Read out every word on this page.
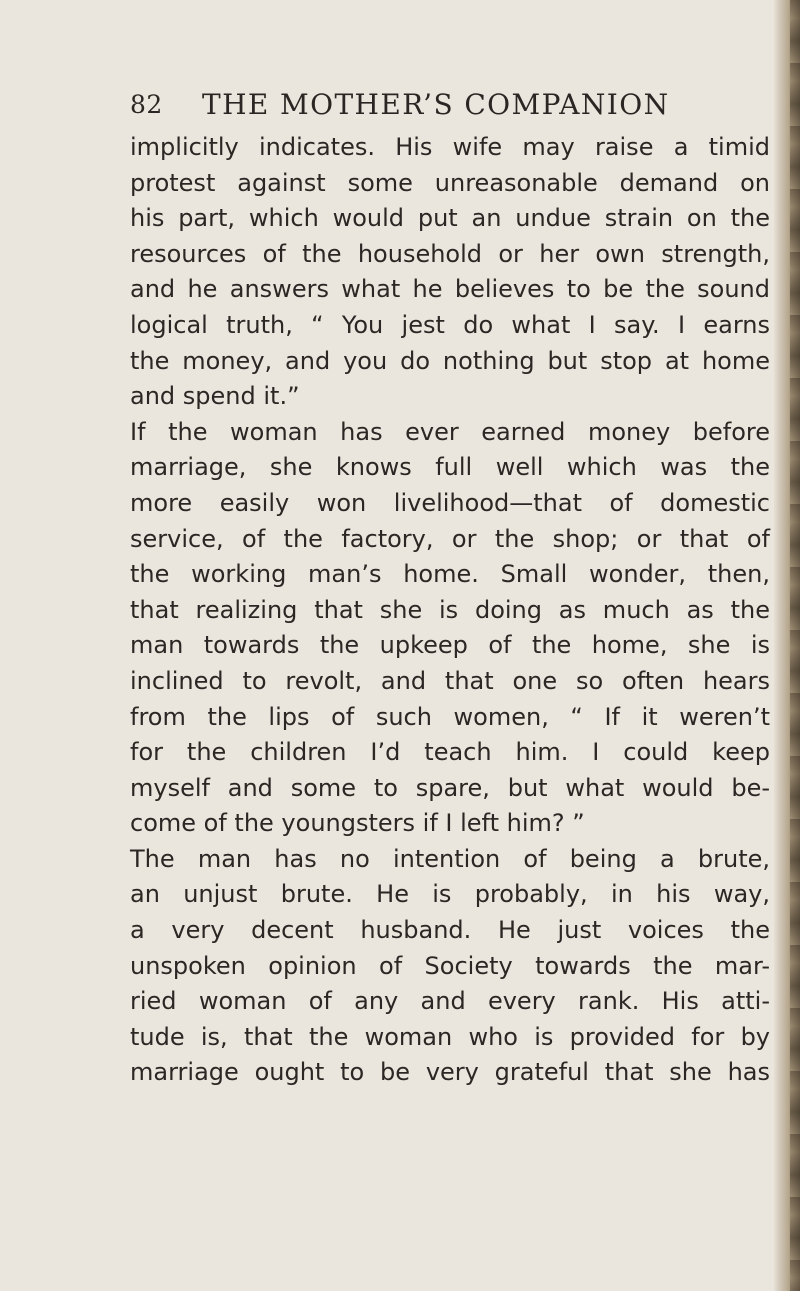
82 THE MOTHER’S COMPANION
implicitly indicates. His wife may raise a timid
protest against some unreasonable demand on
his part, which would put an undue strain on the
resources of the household or her own strength,
and he answers what he believes to be the sound
logical truth, “ You jest do what I say. I earns
the money, and you do nothing but stop at home
and spend it.”
If the woman has ever earned money before
marriage, she knows full well which was the
more easily won livelihood—that of domestic
service, of the factory, or the shop; or that of
the working man’s home. Small wonder, then,
that realizing that she is doing as much as the
man towards the upkeep of the home, she is
inclined to revolt, and that one so often hears
from the lips of such women, “ If it weren’t
for the children I’d teach him. I could keep
myself and some to spare, but what would be-
come of the youngsters if I left him? ”
The man has no intention of being a brute,
an unjust brute. He is probably, in his way,
a very decent husband. He just voices the
unspoken opinion of Society towards the mar-
ried woman of any and every rank. His atti-
tude is, that the woman who is provided for by
marriage ought to be very grateful that she has
